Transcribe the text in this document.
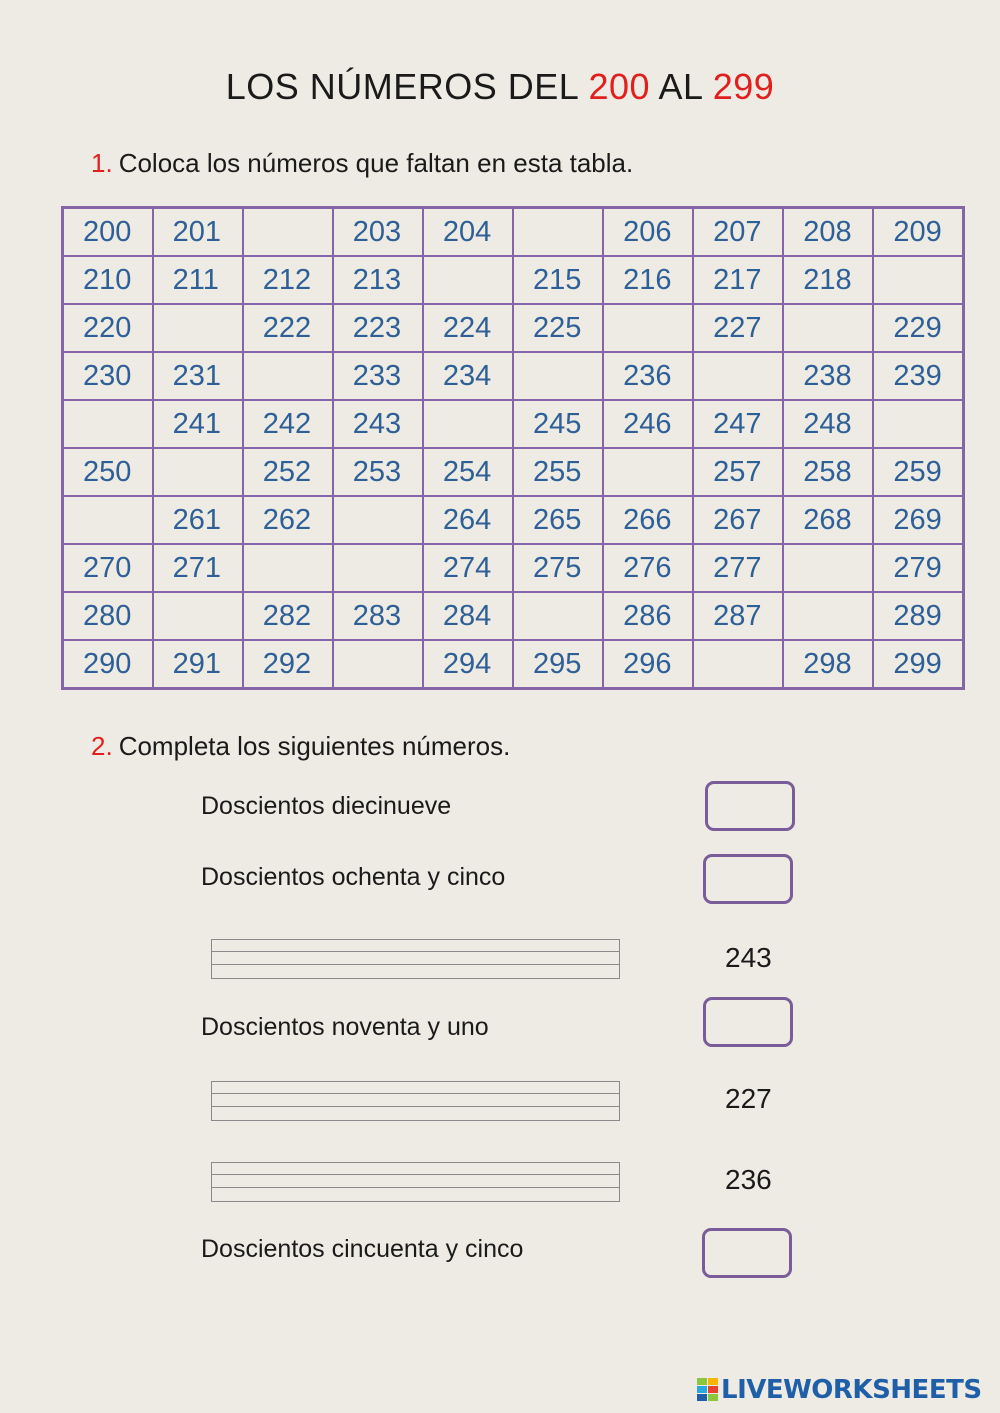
LOS NÚMEROS DEL 200 AL 299
1. Coloca los números que faltan en esta tabla.
200	201		203	204		206	207	208	209
210	211	212	213		215	216	217	218	
220		222	223	224	225		227		229
230	231		233	234		236		238	239
	241	242	243		245	246	247	248	
250		252	253	254	255		257	258	259
	261	262		264	265	266	267	268	269
270	271			274	275	276	277		279
280		282	283	284		286	287		289
290	291	292		294	295	296		298	299
2. Completa los siguientes números.
Doscientos diecinueve
Doscientos ochenta y cinco
243
Doscientos noventa y uno
227
236
Doscientos cincuenta y cinco
LIVEWORKSHEETS
